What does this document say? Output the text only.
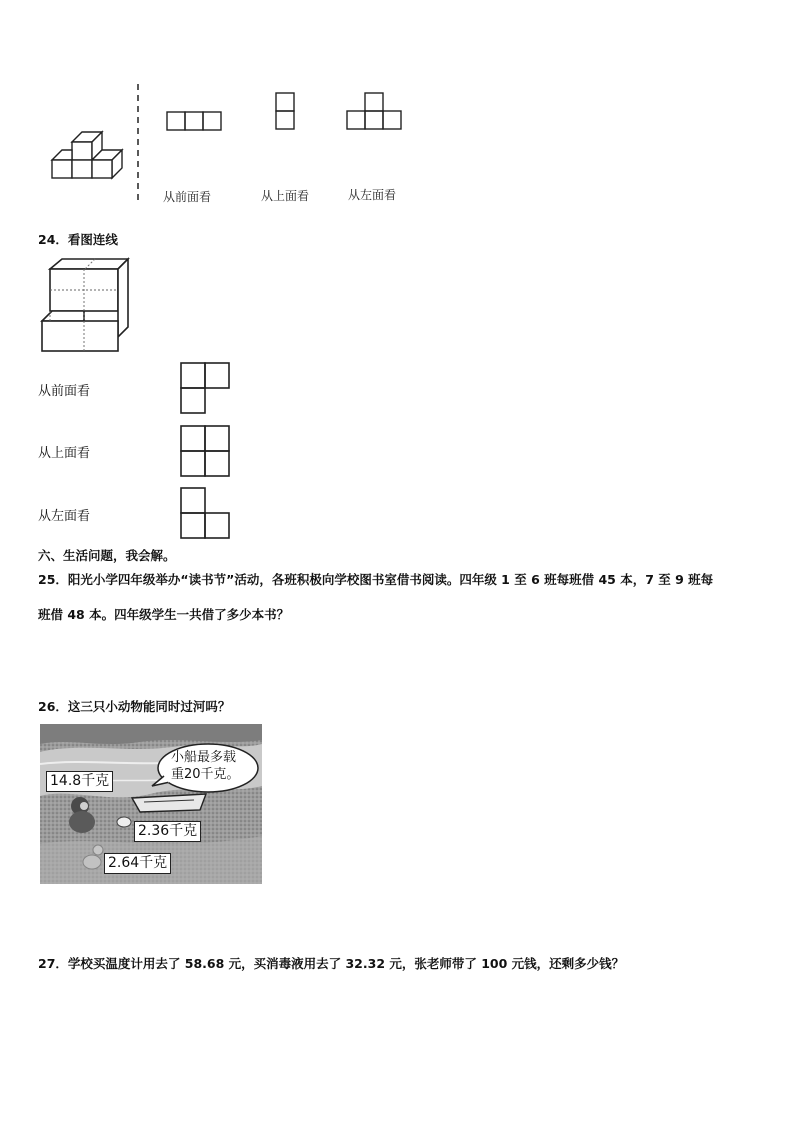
从前面看	从上面看	从左面看
24．看图连线
从前面看
从上面看
从左面看
六、生活问题，我会解。
25．阳光小学四年级举办“读书节”活动，各班积极向学校图书室借书阅读。四年级 1 至 6 班每班借 45 本，7 至 9 班每
班借 48 本。四年级学生一共借了多少本书？
26．这三只小动物能同时过河吗？
小船最多载
重20千克。
14.8千克
2.36千克
2.64千克
27．学校买温度计用去了 58.68 元，买消毒液用去了 32.32 元，张老师带了 100 元钱，还剩多少钱？
